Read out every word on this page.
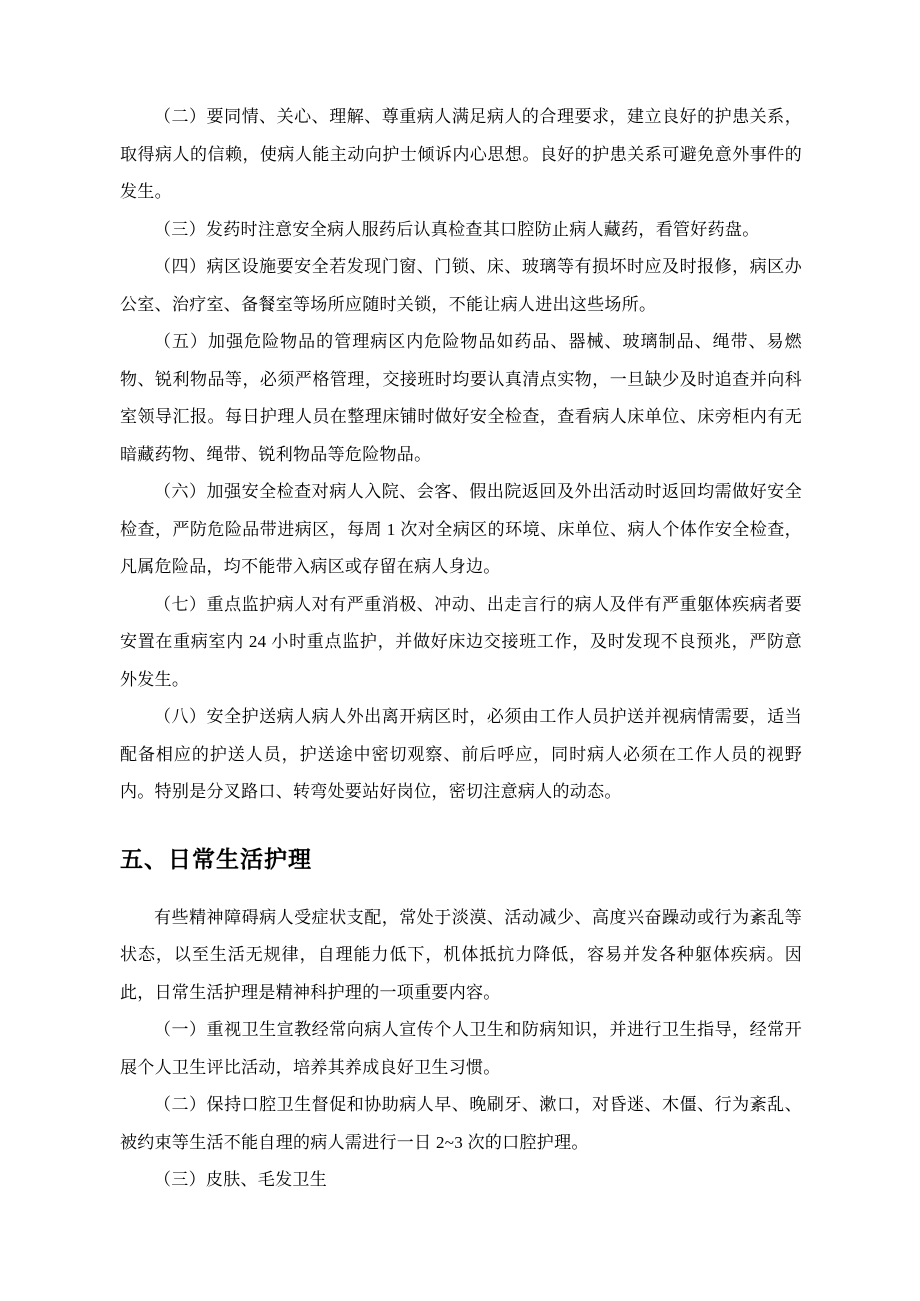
（二）要同情、关心、理解、尊重病人满足病人的合理要求，建立良好的护患关系，取得病人的信赖，使病人能主动向护士倾诉内心思想。良好的护患关系可避免意外事件的发生。

（三）发药时注意安全病人服药后认真检查其口腔防止病人藏药，看管好药盘。

（四）病区设施要安全若发现门窗、门锁、床、玻璃等有损坏时应及时报修，病区办公室、治疗室、备餐室等场所应随时关锁，不能让病人进出这些场所。

（五）加强危险物品的管理病区内危险物品如药品、器械、玻璃制品、绳带、易燃物、锐利物品等，必须严格管理，交接班时均要认真清点实物，一旦缺少及时追查并向科室领导汇报。每日护理人员在整理床铺时做好安全检查，查看病人床单位、床旁柜内有无暗藏药物、绳带、锐利物品等危险物品。

（六）加强安全检查对病人入院、会客、假出院返回及外出活动时返回均需做好安全检查，严防危险品带进病区，每周 1 次对全病区的环境、床单位、病人个体作安全检查，凡属危险品，均不能带入病区或存留在病人身边。

（七）重点监护病人对有严重消极、冲动、出走言行的病人及伴有严重躯体疾病者要安置在重病室内 24 小时重点监护，并做好床边交接班工作，及时发现不良预兆，严防意外发生。

（八）安全护送病人病人外出离开病区时，必须由工作人员护送并视病情需要，适当配备相应的护送人员，护送途中密切观察、前后呼应，同时病人必须在工作人员的视野内。特别是分叉路口、转弯处要站好岗位，密切注意病人的动态。

五、日常生活护理

有些精神障碍病人受症状支配，常处于淡漠、活动减少、高度兴奋躁动或行为紊乱等状态，以至生活无规律，自理能力低下，机体抵抗力降低，容易并发各种躯体疾病。因此，日常生活护理是精神科护理的一项重要内容。

（一）重视卫生宣教经常向病人宣传个人卫生和防病知识，并进行卫生指导，经常开展个人卫生评比活动，培养其养成良好卫生习惯。

（二）保持口腔卫生督促和协助病人早、晚刷牙、漱口，对昏迷、木僵、行为紊乱、被约束等生活不能自理的病人需进行一日 2~3 次的口腔护理。

（三）皮肤、毛发卫生
